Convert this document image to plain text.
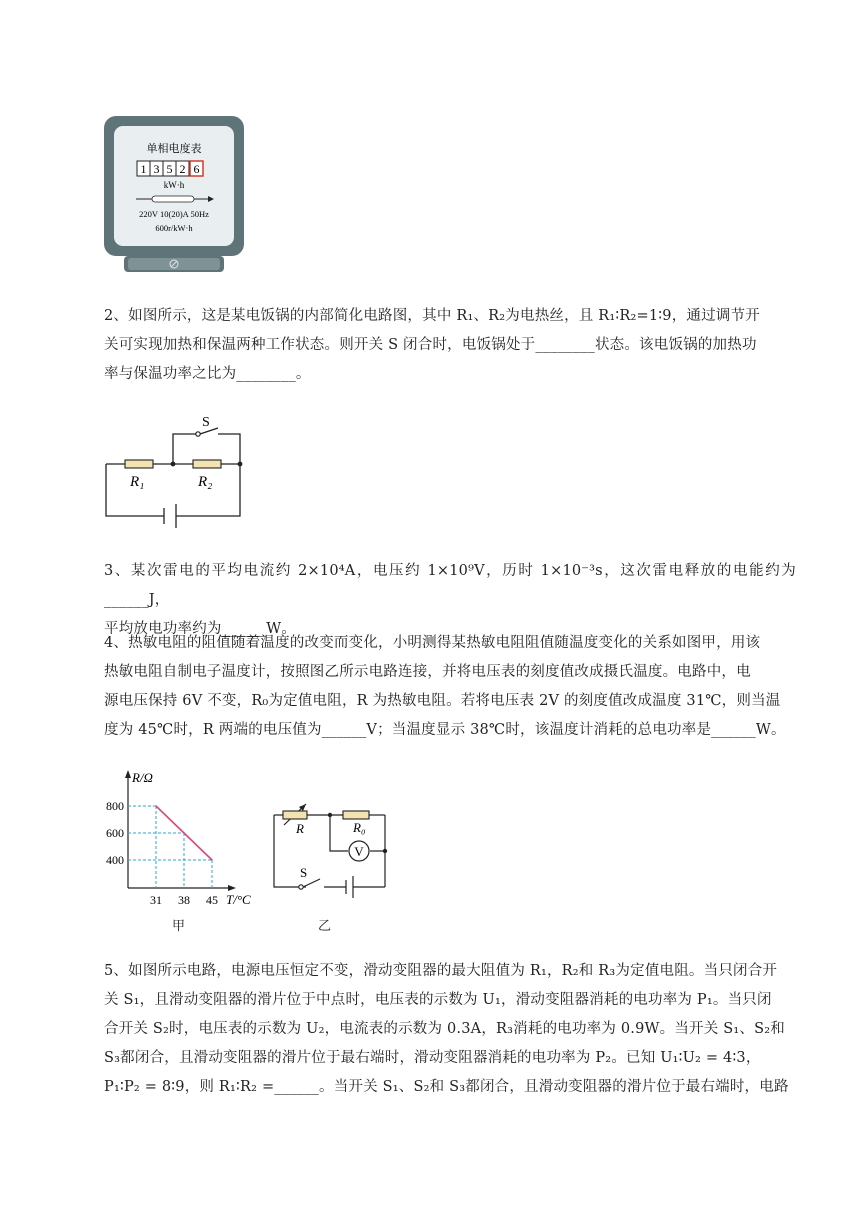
单相电度表
1 3 5 2 6
kW·h
220V 10(20)A 50Hz
600r/kW·h
2、如图所示，这是某电饭锅的内部简化电路图，其中 R₁、R₂为电热丝，且 R₁∶R₂=1∶9，通过调节开
关可实现加热和保温两种工作状态。则开关 S 闭合时，电饭锅处于________状态。该电饭锅的加热功
率与保温功率之比为________。
S
R₁	R₂
3、某次雷电的平均电流约 2×10⁴A，电压约 1×10⁹V，历时 1×10⁻³s，这次雷电释放的电能约为______J，
平均放电功率约为______W。
4、热敏电阻的阻值随着温度的改变而变化，小明测得某热敏电阻阻值随温度变化的关系如图甲，用该
热敏电阻自制电子温度计，按照图乙所示电路连接，并将电压表的刻度值改成摄氏温度。电路中，电
源电压保持 6V 不变，R₀为定值电阻，R 为热敏电阻。若将电压表 2V 的刻度值改成温度 31℃，则当温
度为 45℃时，R 两端的电压值为______V；当温度显示 38℃时，该温度计消耗的总电功率是______W。
800
600
400
31 38 45
R/Ω
T/°C
甲
V
R	R₀
S
乙
5、如图所示电路，电源电压恒定不变，滑动变阻器的最大阻值为 R₁，R₂和 R₃为定值电阻。当只闭合开
关 S₁，且滑动变阻器的滑片位于中点时，电压表的示数为 U₁，滑动变阻器消耗的电功率为 P₁。当只闭
合开关 S₂时，电压表的示数为 U₂，电流表的示数为 0.3A，R₃消耗的电功率为 0.9W。当开关 S₁、S₂和
S₃都闭合，且滑动变阻器的滑片位于最右端时，滑动变阻器消耗的电功率为 P₂。已知 U₁∶U₂ = 4∶3，
P₁∶P₂ = 8∶9，则 R₁∶R₂ =______。当开关 S₁、S₂和 S₃都闭合，且滑动变阻器的滑片位于最右端时，电路
